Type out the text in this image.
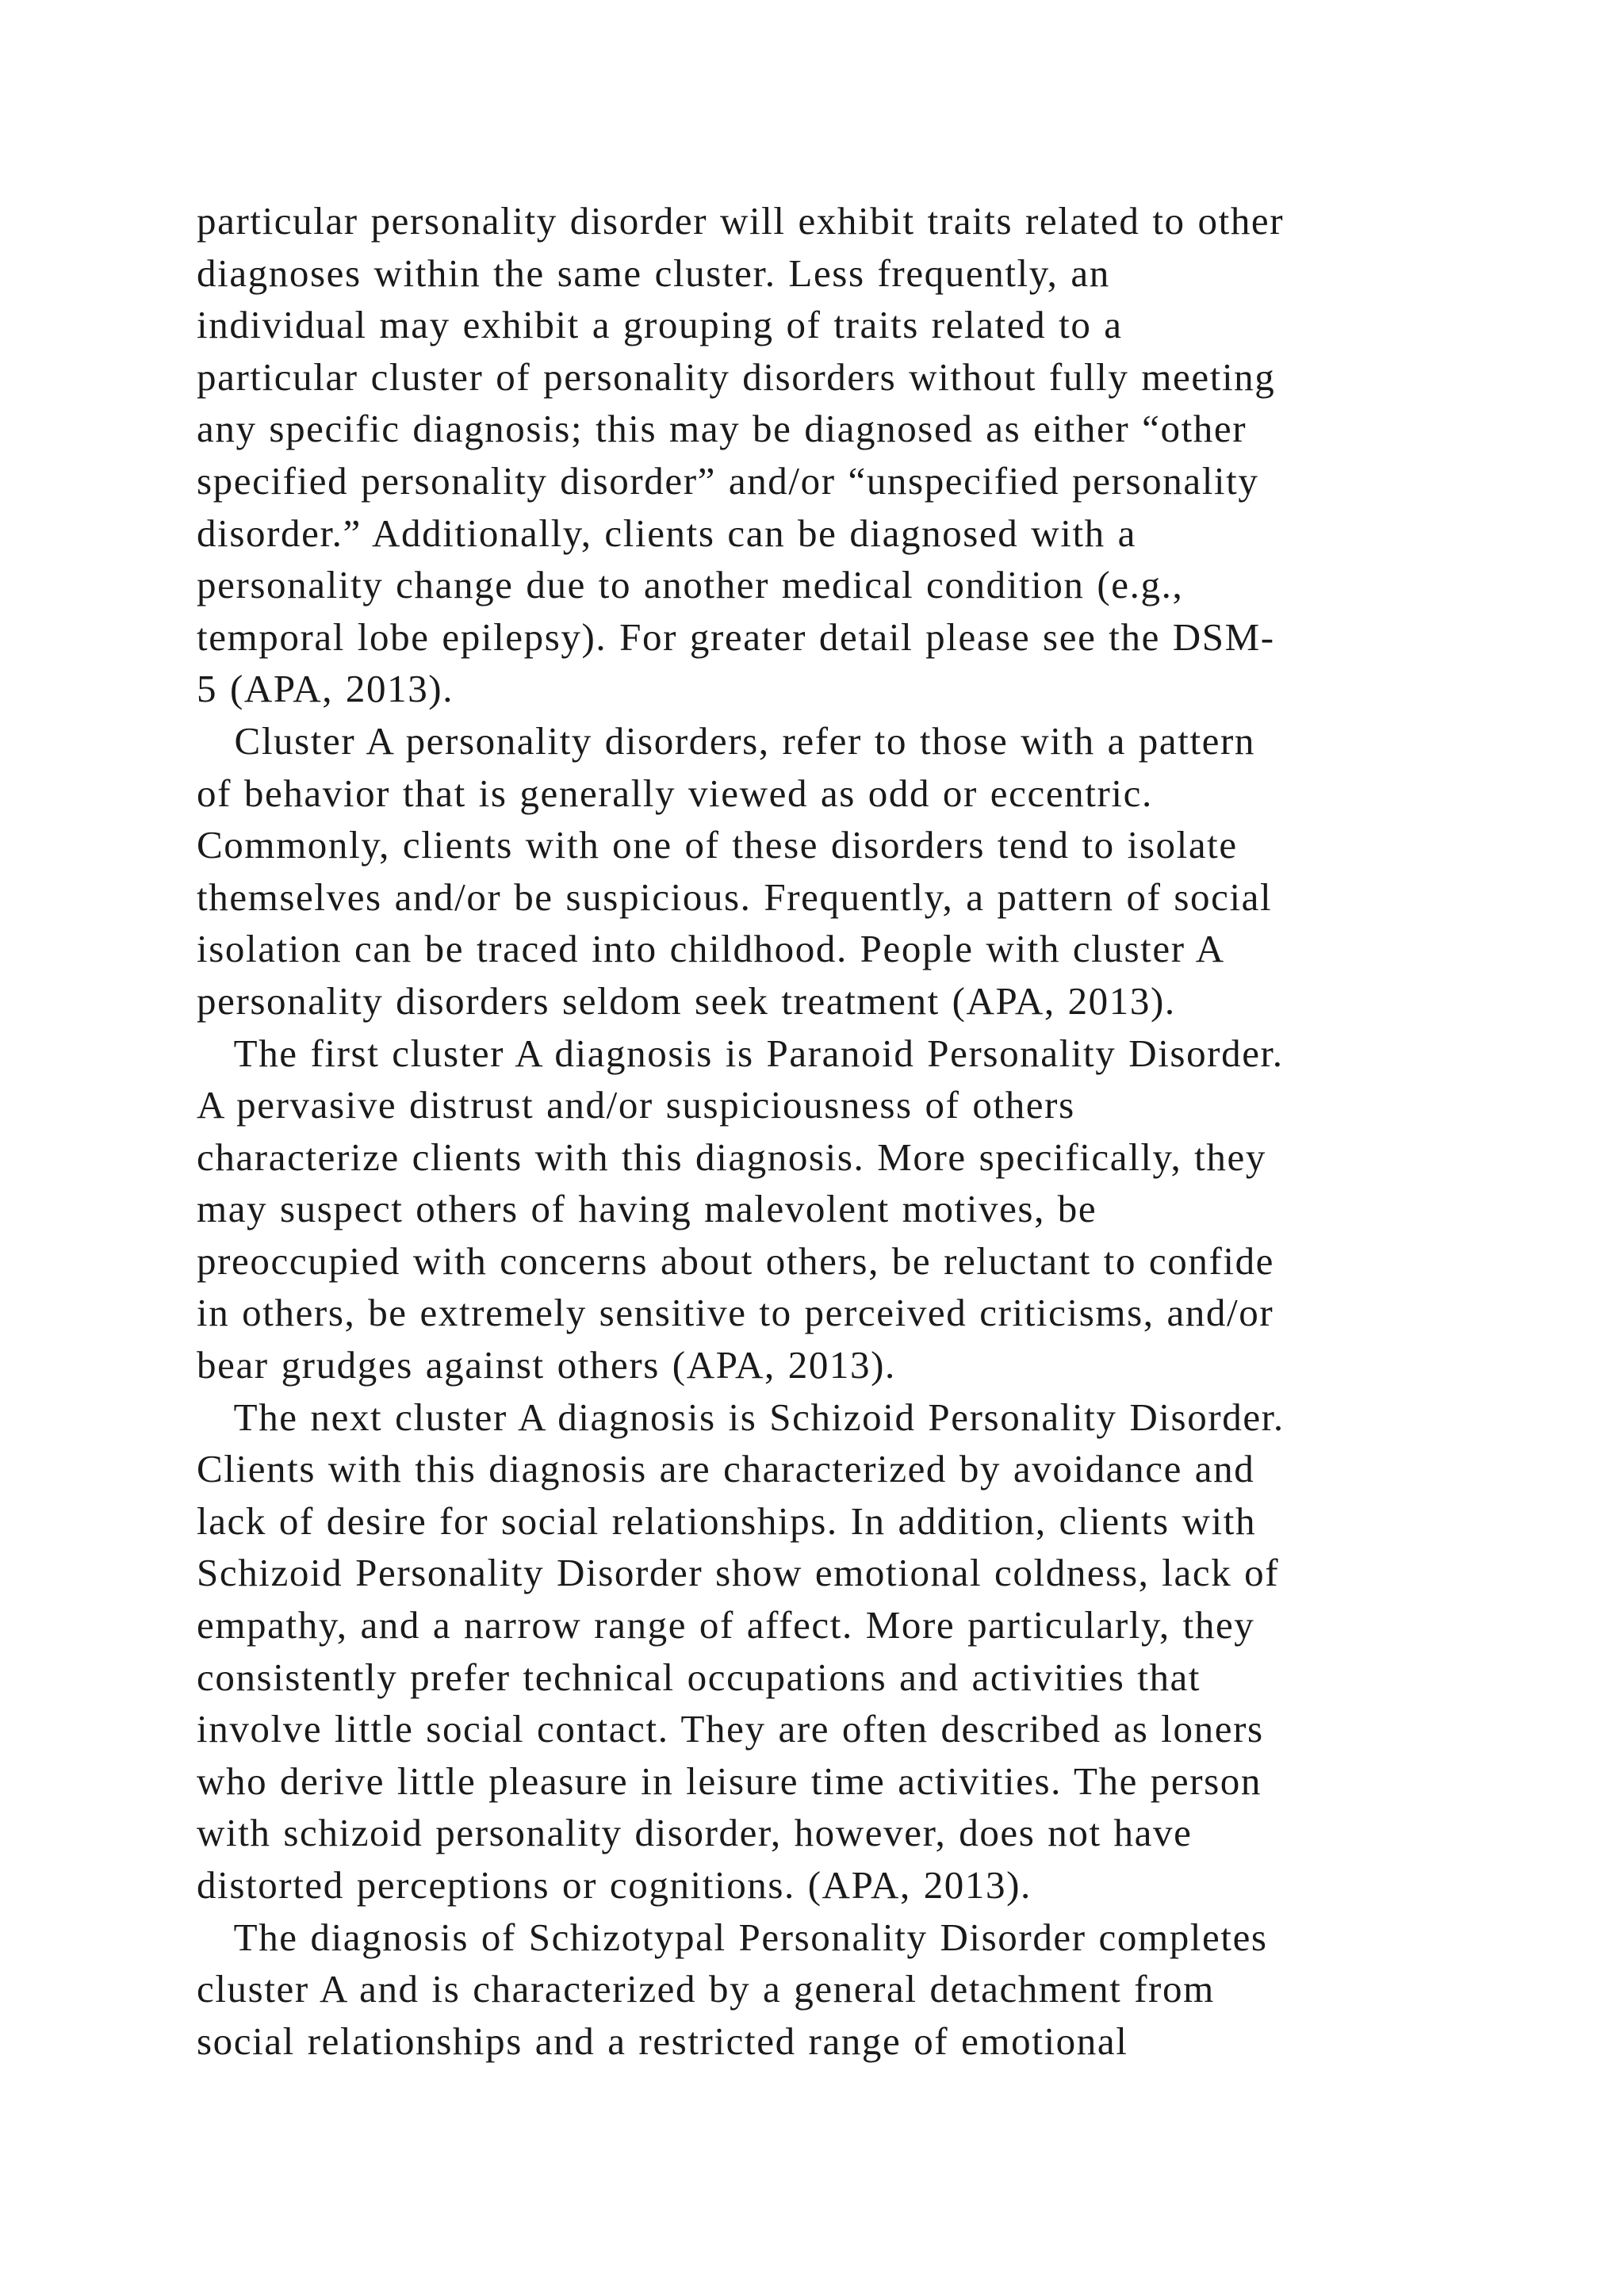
particular personality disorder will exhibit traits related to other
diagnoses within the same cluster. Less frequently, an
individual may exhibit a grouping of traits related to a
particular cluster of personality disorders without fully meeting
any specific diagnosis; this may be diagnosed as either “other
specified personality disorder” and/or “unspecified personality
disorder.” Additionally, clients can be diagnosed with a
personality change due to another medical condition (e.g.,
temporal lobe epilepsy). For greater detail please see the DSM-
5 (APA, 2013).
Cluster A personality disorders, refer to those with a pattern
of behavior that is generally viewed as odd or eccentric.
Commonly, clients with one of these disorders tend to isolate
themselves and/or be suspicious. Frequently, a pattern of social
isolation can be traced into childhood. People with cluster A
personality disorders seldom seek treatment (APA, 2013).
The first cluster A diagnosis is Paranoid Personality Disorder.
A pervasive distrust and/or suspiciousness of others
characterize clients with this diagnosis. More specifically, they
may suspect others of having malevolent motives, be
preoccupied with concerns about others, be reluctant to confide
in others, be extremely sensitive to perceived criticisms, and/or
bear grudges against others (APA, 2013).
The next cluster A diagnosis is Schizoid Personality Disorder.
Clients with this diagnosis are characterized by avoidance and
lack of desire for social relationships. In addition, clients with
Schizoid Personality Disorder show emotional coldness, lack of
empathy, and a narrow range of affect. More particularly, they
consistently prefer technical occupations and activities that
involve little social contact. They are often described as loners
who derive little pleasure in leisure time activities. The person
with schizoid personality disorder, however, does not have
distorted perceptions or cognitions. (APA, 2013).
The diagnosis of Schizotypal Personality Disorder completes
cluster A and is characterized by a general detachment from
social relationships and a restricted range of emotional
